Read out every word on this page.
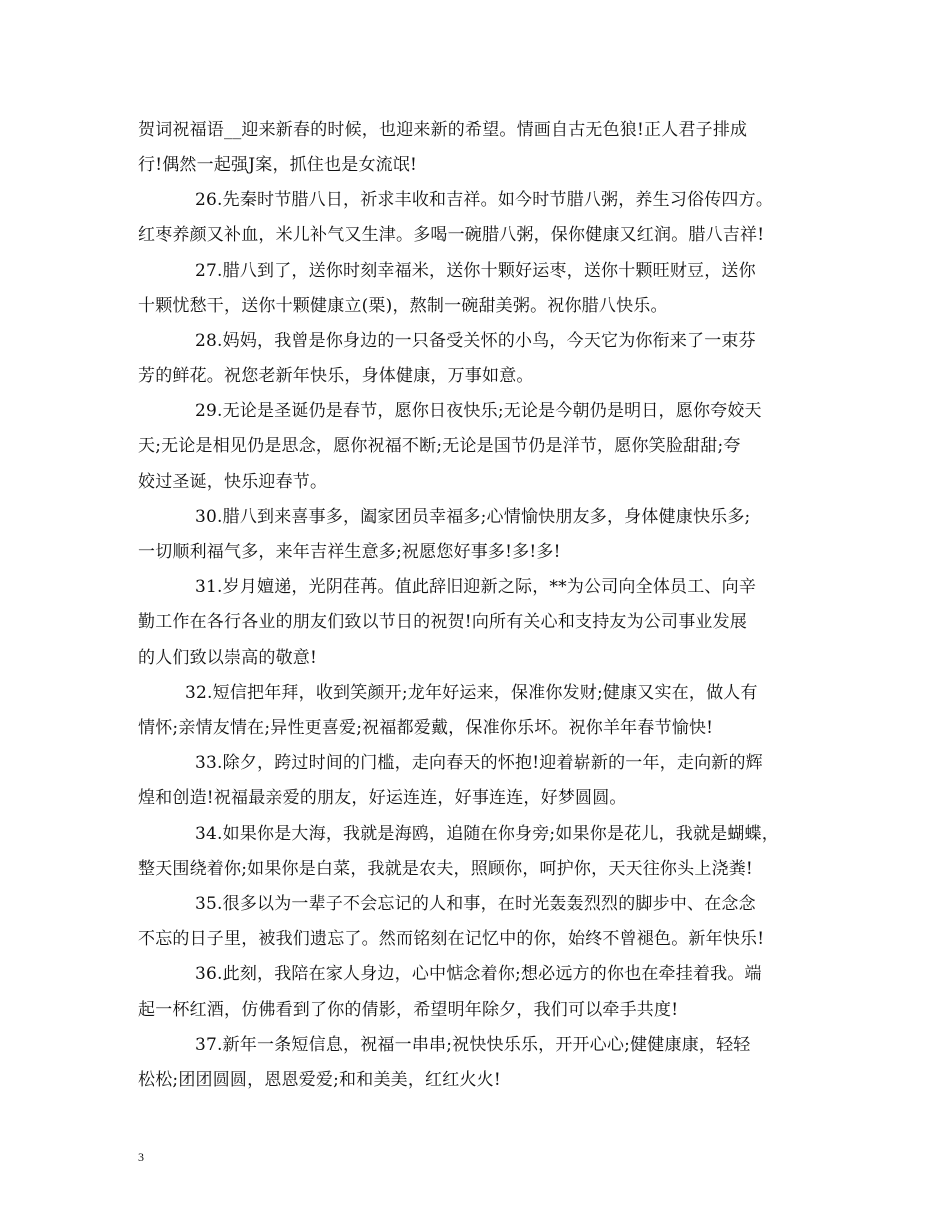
贺词祝福语__迎来新春的时候，也迎来新的希望。情画自古无色狼!正人君子排成
行!偶然一起强J案，抓住也是女流氓!
26.先秦时节腊八日，祈求丰收和吉祥。如今时节腊八粥，养生习俗传四方。
红枣养颜又补血，米儿补气又生津。多喝一碗腊八粥，保你健康又红润。腊八吉祥!
27.腊八到了，送你时刻幸福米，送你十颗好运枣，送你十颗旺财豆，送你
十颗忧愁干，送你十颗健康立(栗)，熬制一碗甜美粥。祝你腊八快乐。
28.妈妈，我曾是你身边的一只备受关怀的小鸟，今天它为你衔来了一束芬
芳的鲜花。祝您老新年快乐，身体健康，万事如意。
29.无论是圣诞仍是春节，愿你日夜快乐;无论是今朝仍是明日，愿你夸姣天
天;无论是相见仍是思念，愿你祝福不断;无论是国节仍是洋节，愿你笑脸甜甜;夸
姣过圣诞，快乐迎春节。
30.腊八到来喜事多，阖家团员幸福多;心情愉快朋友多，身体健康快乐多;
一切顺利福气多，来年吉祥生意多;祝愿您好事多!多!多!
31.岁月嬗递，光阴荏苒。值此辞旧迎新之际，**为公司向全体员工、向辛
勤工作在各行各业的朋友们致以节日的祝贺!向所有关心和支持友为公司事业发展
的人们致以崇高的敬意!
32.短信把年拜，收到笑颜开;龙年好运来，保准你发财;健康又实在，做人有
情怀;亲情友情在;异性更喜爱;祝福都爱戴，保准你乐坏。祝你羊年春节愉快!
33.除夕，跨过时间的门槛，走向春天的怀抱!迎着崭新的一年，走向新的辉
煌和创造!祝福最亲爱的朋友，好运连连，好事连连，好梦圆圆。
34.如果你是大海，我就是海鸥，追随在你身旁;如果你是花儿，我就是蝴蝶，
整天围绕着你;如果你是白菜，我就是农夫，照顾你，呵护你，天天往你头上浇粪!
35.很多以为一辈子不会忘记的人和事，在时光轰轰烈烈的脚步中、在念念
不忘的日子里，被我们遗忘了。然而铭刻在记忆中的你，始终不曾褪色。新年快乐!
36.此刻，我陪在家人身边，心中惦念着你;想必远方的你也在牵挂着我。端
起一杯红酒，仿佛看到了你的倩影，希望明年除夕，我们可以牵手共度!
37.新年一条短信息，祝福一串串;祝快快乐乐，开开心心;健健康康，轻轻
松松;团团圆圆，恩恩爱爱;和和美美，红红火火!
3
